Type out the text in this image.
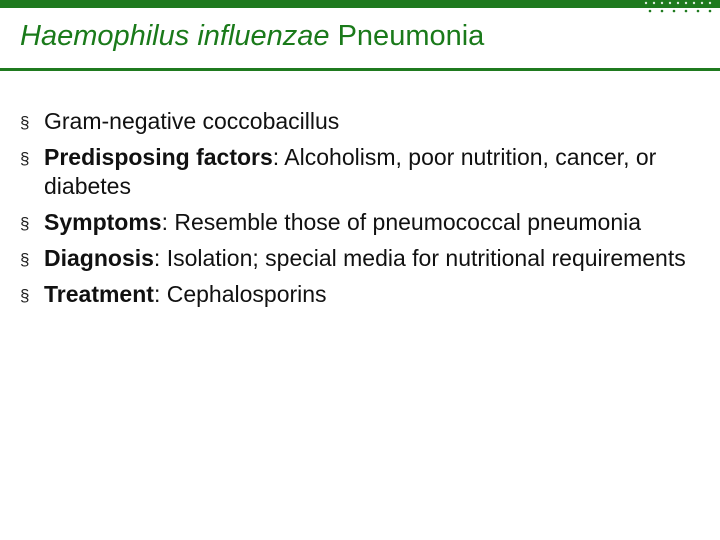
Haemophilus influenzae Pneumonia
§ Gram-negative coccobacillus
§ Predisposing factors: Alcoholism, poor nutrition, cancer, or diabetes
§ Symptoms: Resemble those of pneumococcal pneumonia
§ Diagnosis: Isolation; special media for nutritional requirements
§ Treatment: Cephalosporins
